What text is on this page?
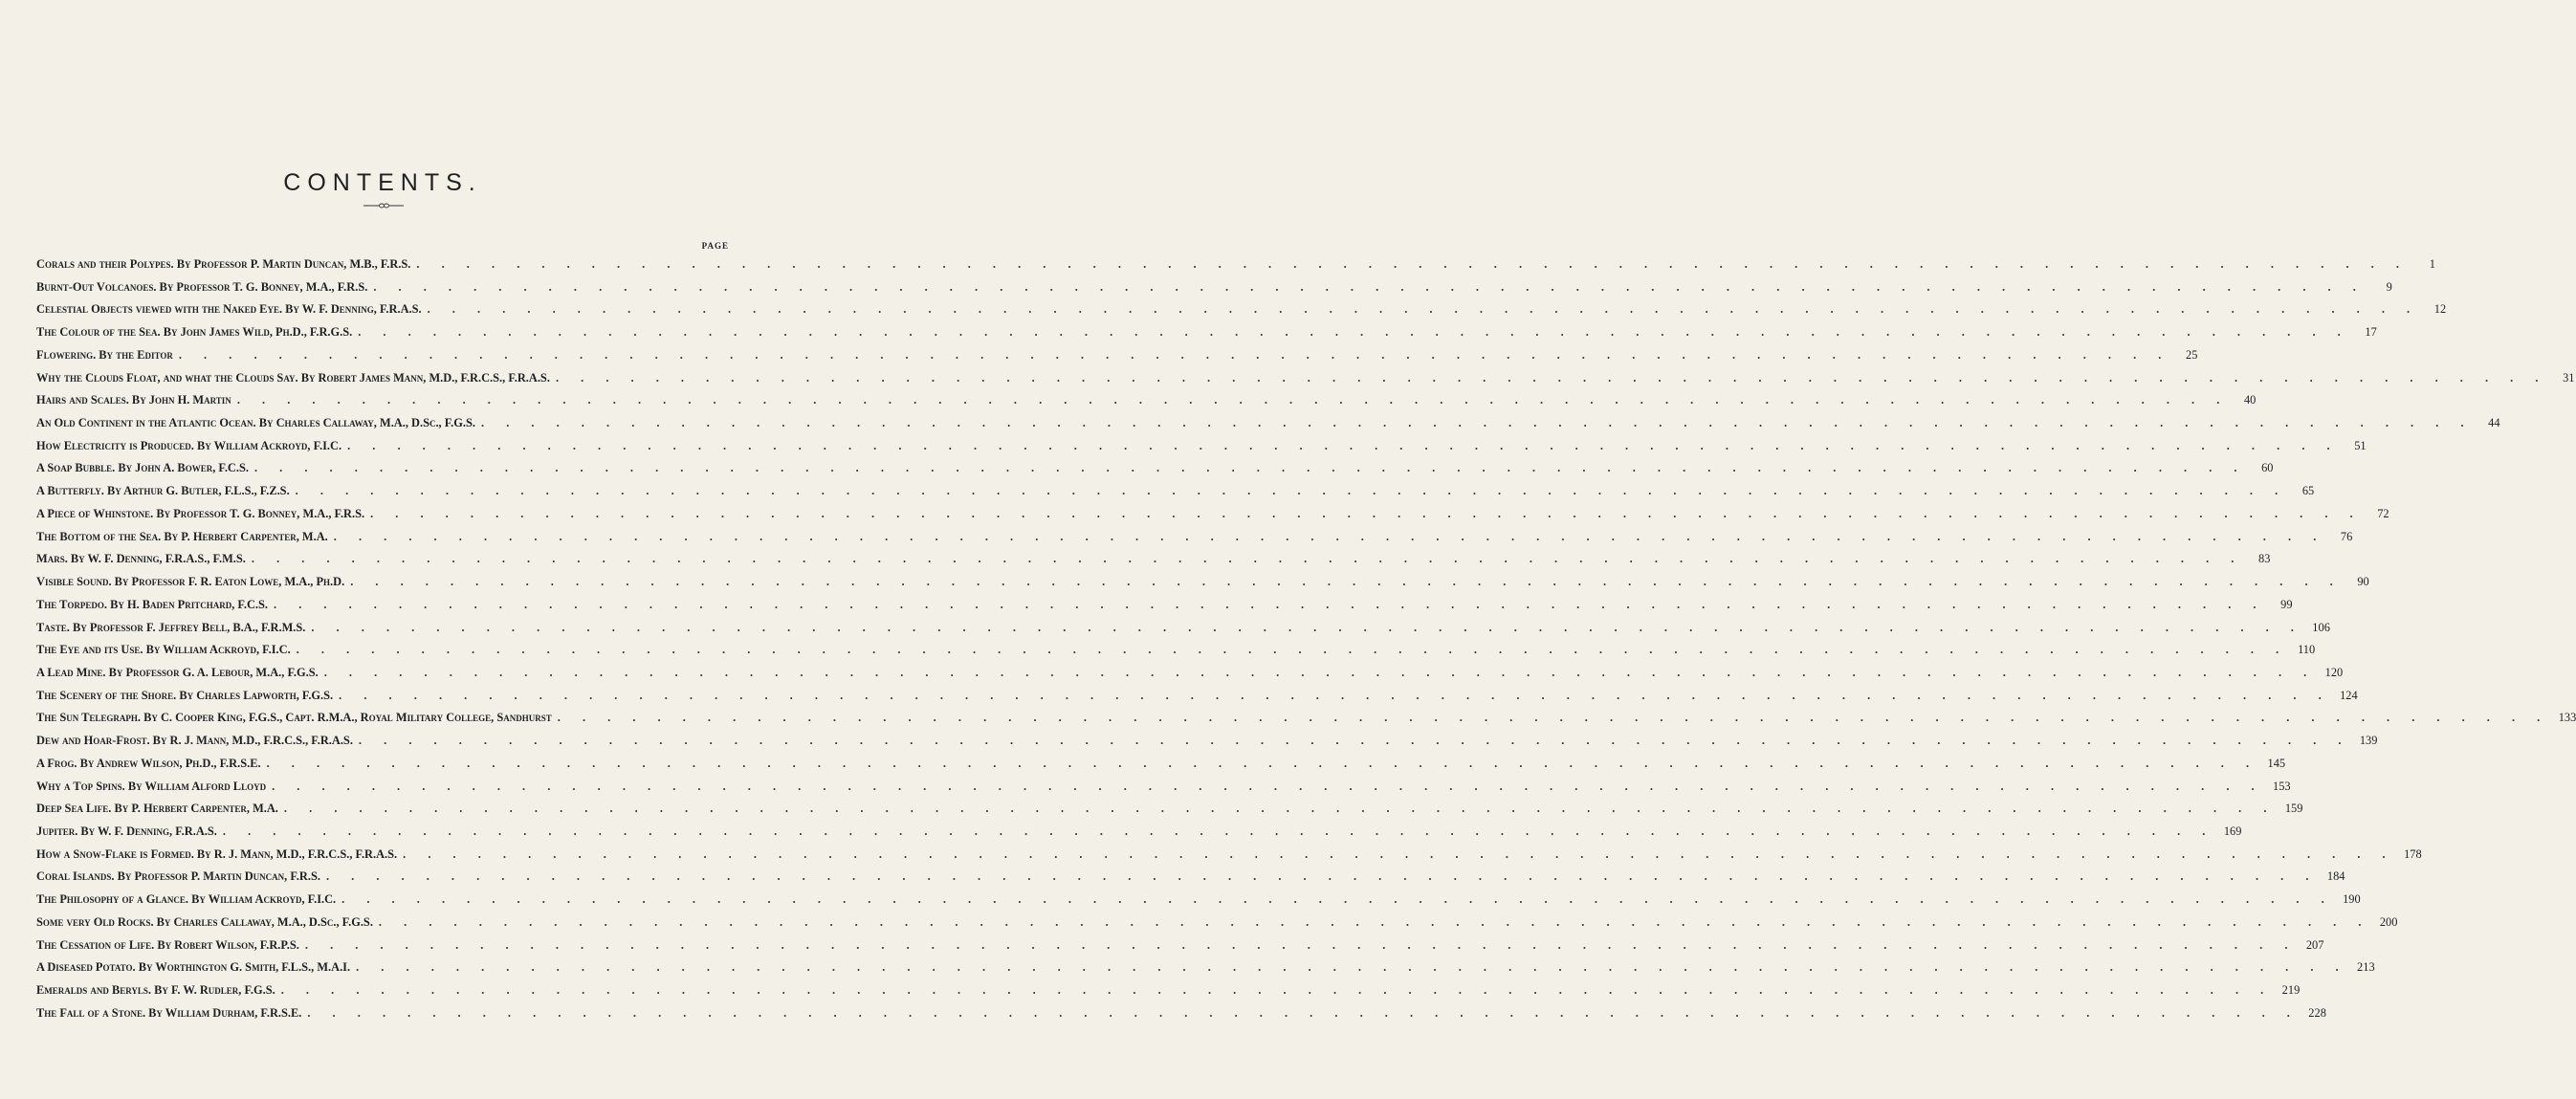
CONTENTS.
PAGE
Corals and their Polypes. By Professor P. Martin Duncan, M.B., F.R.S. . . .	1
Burnt-Out Volcanoes. By Professor T. G. Bonney, M.A., F.R.S. . . .	9
Celestial Objects viewed with the Naked Eye. By W. F. Denning, F.R.A.S. . . .	12
The Colour of the Sea. By John James Wild, Ph.D., F.R.G.S. . . .	17
Flowering. By the Editor . . .	25
Why the Clouds Float, and what the Clouds Say. By Robert James Mann, M.D., F.R.C.S., F.R.A.S. . . .	31
Hairs and Scales. By John H. Martin . . .	40
An Old Continent in the Atlantic Ocean. By Charles Callaway, M.A., D.Sc., F.G.S. . . .	44
How Electricity is Produced. By William Ackroyd, F.I.C. . . .	51
A Soap Bubble. By John A. Bower, F.C.S. . . .	60
A Butterfly. By Arthur G. Butler, F.L.S., F.Z.S. . . .	65
A Piece of Whinstone. By Professor T. G. Bonney, M.A., F.R.S. . . .	72
The Bottom of the Sea. By P. Herbert Carpenter, M.A. . . .	76
Mars. By W. F. Denning, F.R.A.S., F.M.S. . . .	83
Visible Sound. By Professor F. R. Eaton Lowe, M.A., Ph.D. . . .	90
The Torpedo. By H. Baden Pritchard, F.C.S. . . .	99
Taste. By Professor F. Jeffrey Bell, B.A., F.R.M.S. . . .	106
The Eye and its Use. By William Ackroyd, F.I.C. . . .	110
A Lead Mine. By Professor G. A. Lebour, M.A., F.G.S. . . .	120
The Scenery of the Shore. By Charles Lapworth, F.G.S. . . .	124
The Sun Telegraph. By C. Cooper King, F.G.S., Capt. R.M.A., Royal Military College, Sandhurst . . .	133
Dew and Hoar-Frost. By R. J. Mann, M.D., F.R.C.S., F.R.A.S. . . .	139
A Frog. By Andrew Wilson, Ph.D., F.R.S.E. . . .	145
Why a Top Spins. By William Alford Lloyd . . .	153
Deep Sea Life. By P. Herbert Carpenter, M.A. . . .	159
Jupiter. By W. F. Denning, F.R.A.S. . . .	169
How a Snow-Flake is Formed. By R. J. Mann, M.D., F.R.C.S., F.R.A.S. . . .	178
Coral Islands. By Professor P. Martin Duncan, F.R.S. . . .	184
The Philosophy of a Glance. By William Ackroyd, F.I.C. . . .	190
Some very Old Rocks. By Charles Callaway, M.A., D.Sc., F.G.S. . . .	200
The Cessation of Life. By Robert Wilson, F.R.P.S. . . .	207
A Diseased Potato. By Worthington G. Smith, F.L.S., M.A.I. . . .	213
Emeralds and Beryls. By F. W. Rudler, F.G.S. . . .	219
The Fall of a Stone. By William Durham, F.R.S.E. . . .	228
